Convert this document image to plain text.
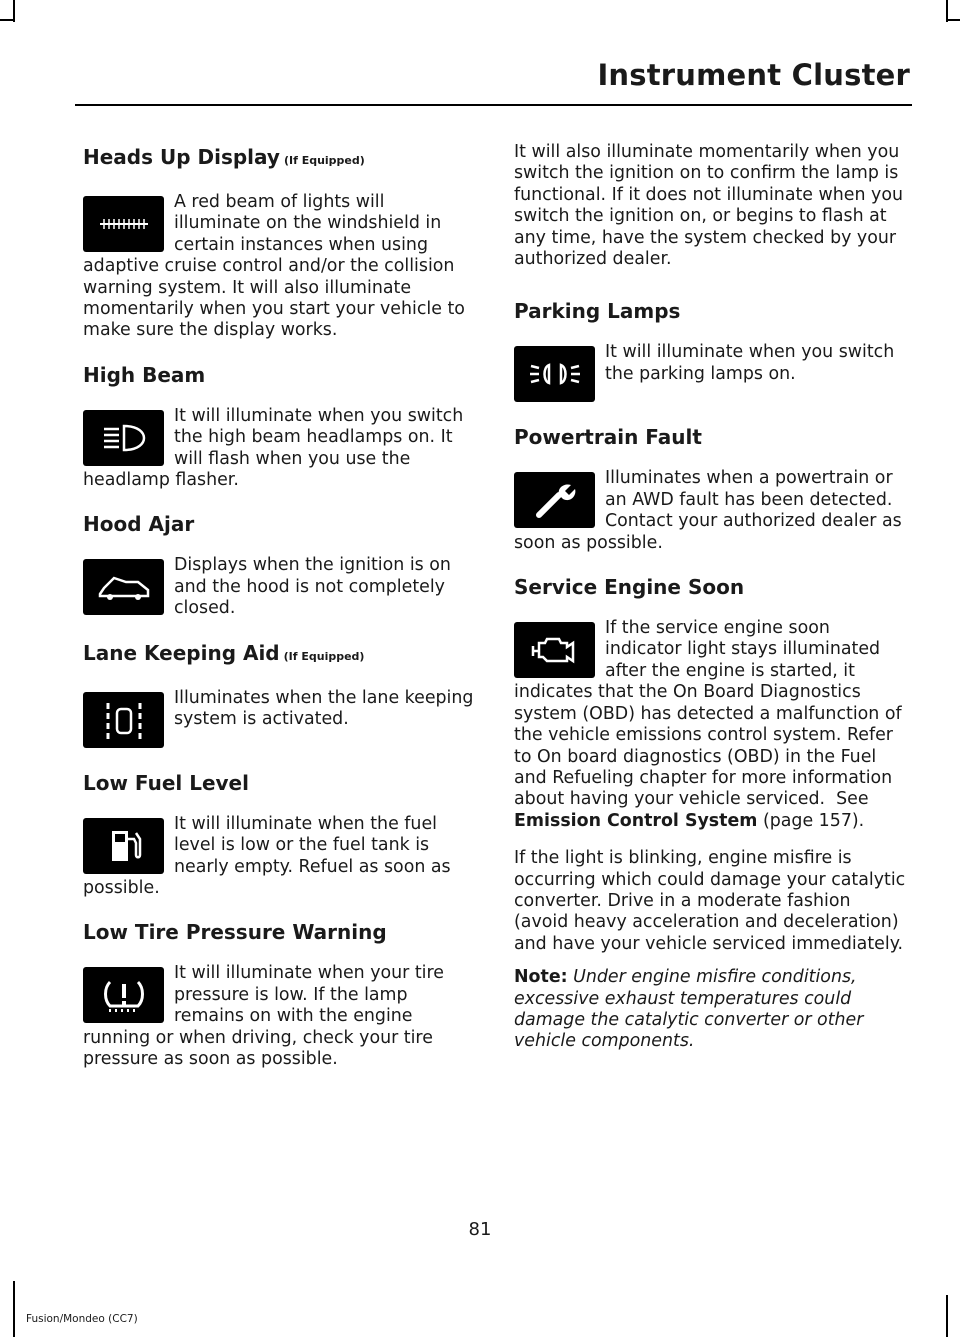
Instrument Cluster
Heads Up Display (If Equipped)

A red beam of lights will illuminate on the windshield in certain instances when using adaptive cruise control and/or the collision warning system. It will also illuminate momentarily when you start your vehicle to make sure the display works.

High Beam

It will illuminate when you switch the high beam headlamps on. It will flash when you use the headlamp flasher.

Hood Ajar

Displays when the ignition is on and the hood is not completely closed.

Lane Keeping Aid (If Equipped)

Illuminates when the lane keeping system is activated.

Low Fuel Level

It will illuminate when the fuel level is low or the fuel tank is nearly empty. Refuel as soon as possible.

Low Tire Pressure Warning

It will illuminate when your tire pressure is low. If the lamp remains on with the engine running or when driving, check your tire pressure as soon as possible.

It will also illuminate momentarily when you switch the ignition on to confirm the lamp is functional. If it does not illuminate when you switch the ignition on, or begins to flash at any time, have the system checked by your authorized dealer.

Parking Lamps

It will illuminate when you switch the parking lamps on.

Powertrain Fault

Illuminates when a powertrain or an AWD fault has been detected. Contact your authorized dealer as soon as possible.

Service Engine Soon

If the service engine soon indicator light stays illuminated after the engine is started, it indicates that the On Board Diagnostics system (OBD) has detected a malfunction of the vehicle emissions control system. Refer to On board diagnostics (OBD) in the Fuel and Refueling chapter for more information about having your vehicle serviced. See Emission Control System (page 157).

If the light is blinking, engine misfire is occurring which could damage your catalytic converter. Drive in a moderate fashion (avoid heavy acceleration and deceleration) and have your vehicle serviced immediately.

Note: Under engine misfire conditions, excessive exhaust temperatures could damage the catalytic converter or other vehicle components.

81
Fusion/Mondeo (CC7)
